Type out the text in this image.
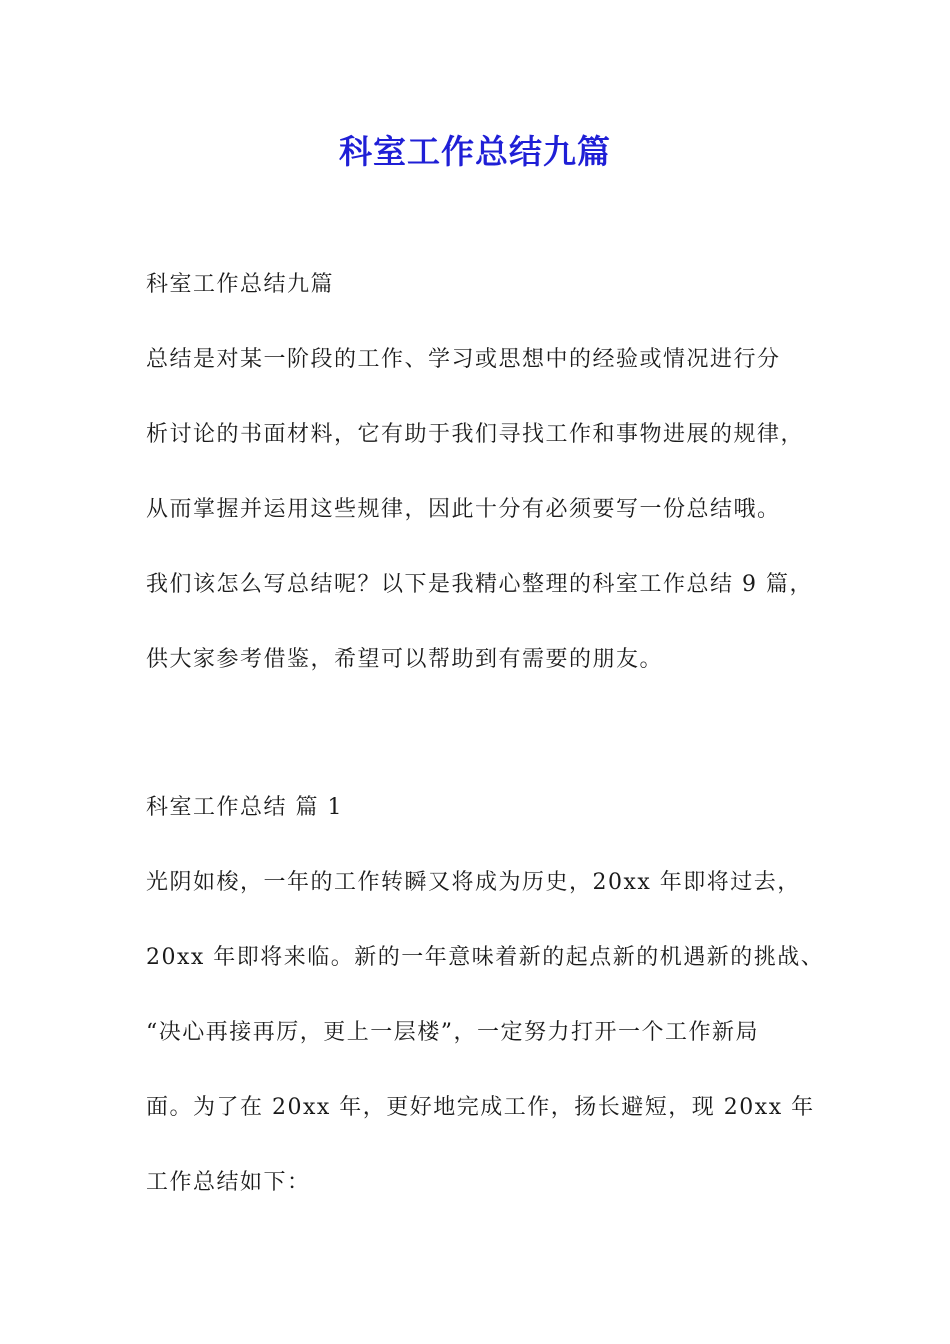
科室工作总结九篇
科室工作总结九篇
总结是对某一阶段的工作、学习或思想中的经验或情况进行分
析讨论的书面材料，它有助于我们寻找工作和事物进展的规律，
从而掌握并运用这些规律，因此十分有必须要写一份总结哦。
我们该怎么写总结呢？以下是我精心整理的科室工作总结 9 篇，
供大家参考借鉴，希望可以帮助到有需要的朋友。
科室工作总结 篇 1
光阴如梭，一年的工作转瞬又将成为历史，20xx 年即将过去，
20xx 年即将来临。新的一年意味着新的起点新的机遇新的挑战、
“决心再接再厉，更上一层楼”，一定努力打开一个工作新局
面。为了在 20xx 年，更好地完成工作，扬长避短，现 20xx 年
工作总结如下：
